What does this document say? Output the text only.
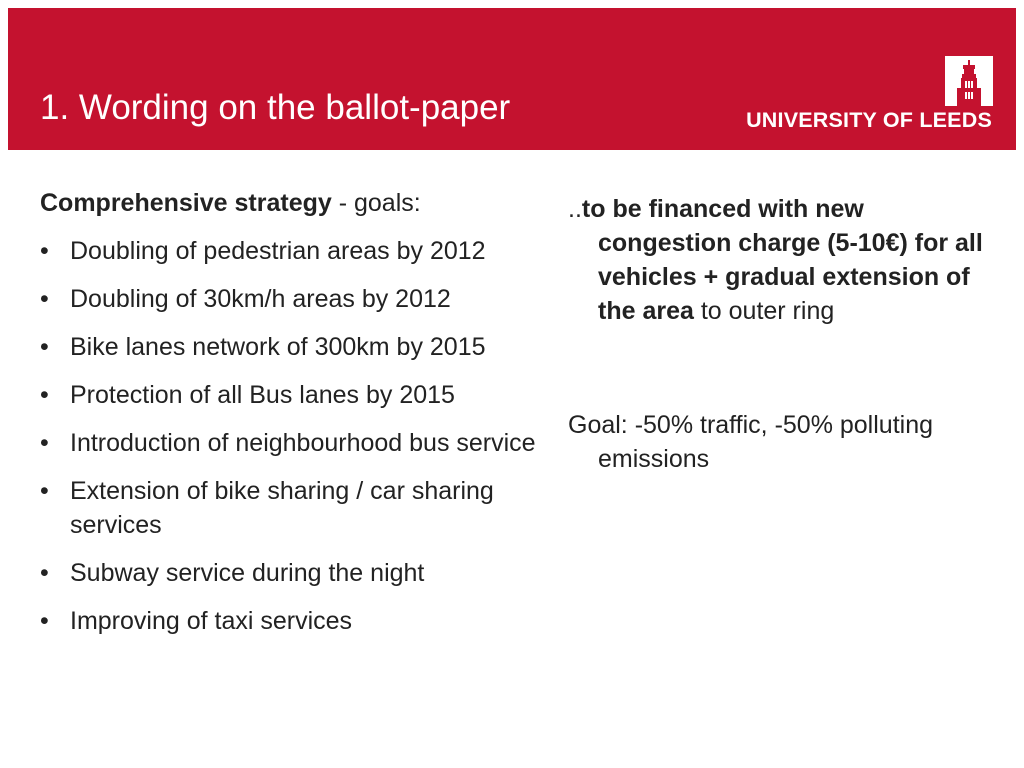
1. Wording on the ballot-paper	UNIVERSITY OF LEEDS

Comprehensive strategy - goals:

• Doubling of pedestrian areas by 2012
• Doubling of 30km/h areas by 2012
• Bike lanes network of 300km by 2015
• Protection of all Bus lanes by 2015
• Introduction of neighbourhood bus service
• Extension of bike sharing / car sharing services
• Subway service during the night
• Improving of taxi services

..to be financed with new congestion charge (5-10€) for all vehicles + gradual extension of the area to outer ring

Goal: -50% traffic, -50% polluting emissions
